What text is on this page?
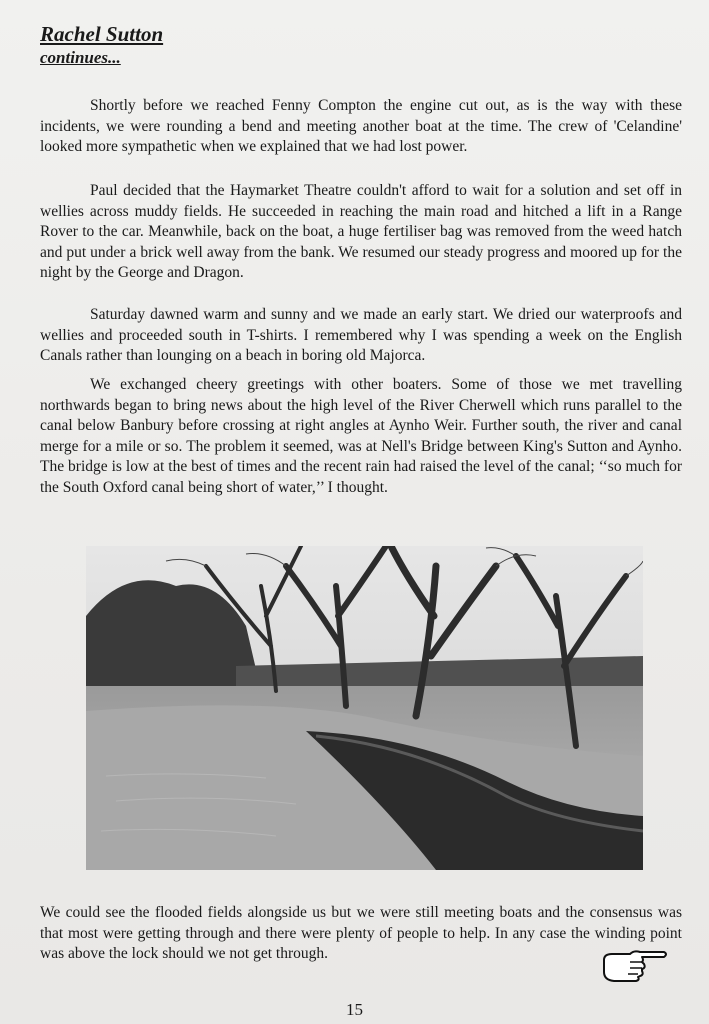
Rachel Sutton
continues...

Shortly before we reached Fenny Compton the engine cut out, as is the way with these incidents, we were rounding a bend and meeting another boat at the time. The crew of 'Celandine' looked more sympathetic when we explained that we had lost power.

Paul decided that the Haymarket Theatre couldn't afford to wait for a solution and set off in wellies across muddy fields. He succeeded in reaching the main road and hitched a lift in a Range Rover to the car. Meanwhile, back on the boat, a huge fertiliser bag was removed from the weed hatch and put under a brick well away from the bank. We resumed our steady progress and moored up for the night by the George and Dragon.

Saturday dawned warm and sunny and we made an early start. We dried our waterproofs and wellies and proceeded south in T-shirts. I remembered why I was spending a week on the English Canals rather than lounging on a beach in boring old Majorca.

We exchanged cheery greetings with other boaters. Some of those we met travelling northwards began to bring news about the high level of the River Cherwell which runs parallel to the canal below Banbury before crossing at right angles at Aynho Weir. Further south, the river and canal merge for a mile or so. The problem it seemed, was at Nell's Bridge between King's Sutton and Aynho. The bridge is low at the best of times and the recent rain had raised the level of the canal; ‘‘so much for the South Oxford canal being short of water,’’ I thought.

We could see the flooded fields alongside us but we were still meeting boats and the consensus was that most were getting through and there were plenty of people to help. In any case the winding point was above the lock should we not get through.

15
